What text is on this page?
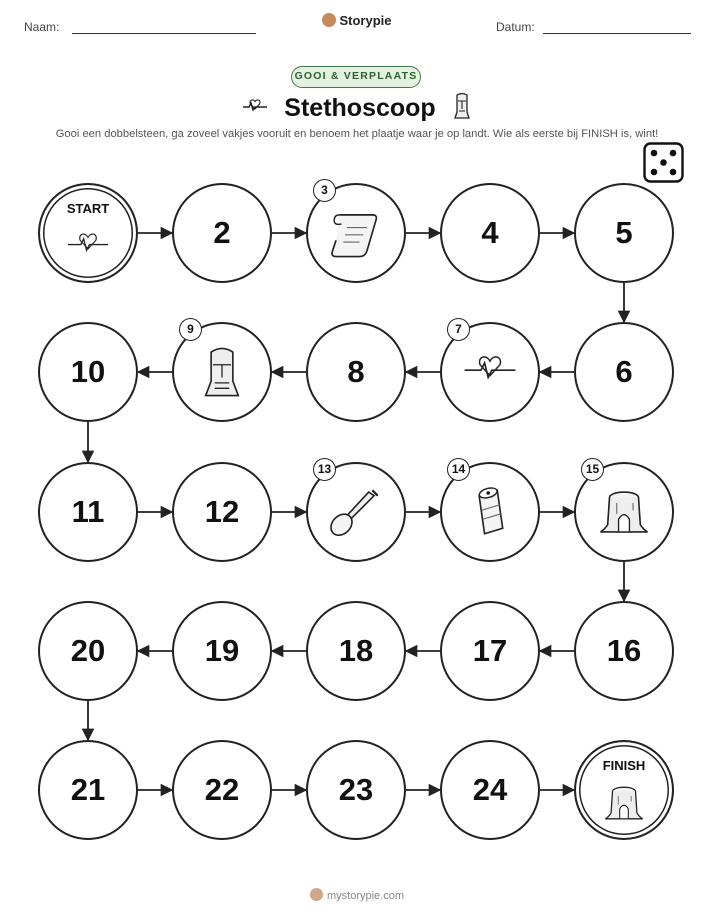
Naam:	Storypie	Datum:
GOOI & VERPLAATS
Stethoscoop
Gooi een dobbelsteen, ga zoveel vakjes vooruit en benoem het plaatje waar je op landt. Wie als eerste bij FINISH is, wint!
START
2
3
4	5
6
7
8
9
10
11	12
13	14	15
16
17
18
19
20
21	22	23	24
FINISH
mystorypie.com
